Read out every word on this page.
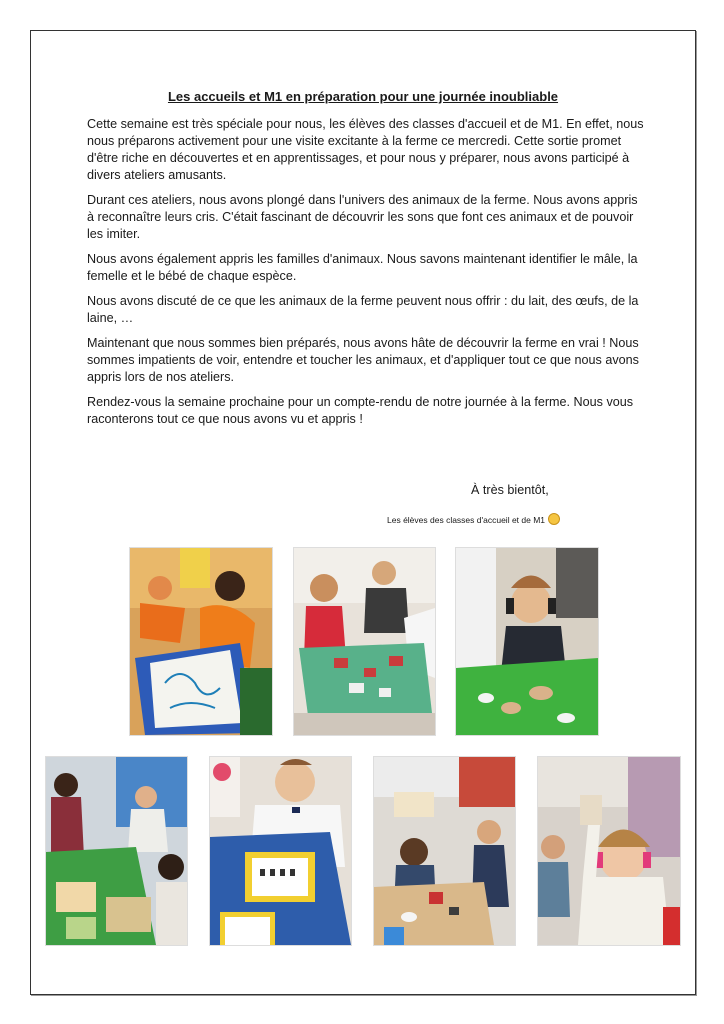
Les accueils et M1 en préparation pour une journée inoubliable

Cette semaine est très spéciale pour nous, les élèves des classes d'accueil et de M1. En effet, nous nous préparons activement pour une visite excitante à la ferme ce mercredi. Cette sortie promet d'être riche en découvertes et en apprentissages, et pour nous y préparer, nous avons participé à divers ateliers amusants.

Durant ces ateliers, nous avons plongé dans l'univers des animaux de la ferme. Nous avons appris à reconnaître leurs cris. C'était fascinant de découvrir les sons que font ces animaux et de pouvoir les imiter.

Nous avons également appris les familles d'animaux. Nous savons maintenant identifier le mâle, la femelle et le bébé de chaque espèce.

Nous avons discuté de ce que les animaux de la ferme peuvent nous offrir : du lait, des œufs, de la laine, …

Maintenant que nous sommes bien préparés, nous avons hâte de découvrir la ferme en vrai ! Nous sommes impatients de voir, entendre et toucher les animaux, et d'appliquer tout ce que nous avons appris lors de nos ateliers.

Rendez-vous la semaine prochaine pour un compte-rendu de notre journée à la ferme. Nous vous raconterons tout ce que nous avons vu et appris !

À très bientôt,
Les élèves des classes d'accueil et de M1
